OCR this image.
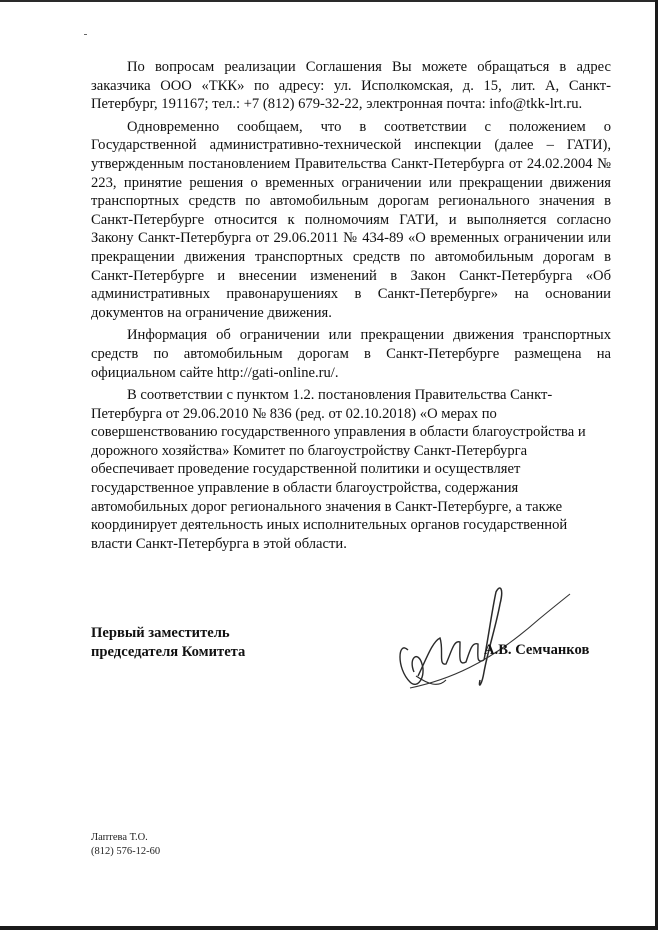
По вопросам реализации Соглашения Вы можете обращаться в адрес заказчика ООО «ТКК» по адресу: ул. Исполкомская, д. 15, лит. А, Санкт-Петербург, 191167; тел.: +7 (812) 679-32-22, электронная почта: info@tkk-lrt.ru.

Одновременно сообщаем, что в соответствии с положением о Государственной административно-технической инспекции (далее – ГАТИ), утвержденным постановлением Правительства Санкт-Петербурга от 24.02.2004 № 223, принятие решения о временных ограничении или прекращении движения транспортных средств по автомобильным дорогам регионального значения в Санкт-Петербурге относится к полномочиям ГАТИ, и выполняется согласно Закону Санкт-Петербурга от 29.06.2011 № 434-89 «О временных ограничении или прекращении движения транспортных средств по автомобильным дорогам в Санкт-Петербурге и внесении изменений в Закон Санкт-Петербурга «Об административных правонарушениях в Санкт-Петербурге» на основании документов на ограничение движения.

Информация об ограничении или прекращении движения транспортных средств по автомобильным дорогам в Санкт-Петербурге размещена на официальном сайте http://gati-online.ru/.

В соответствии с пунктом 1.2. постановления Правительства Санкт-Петербурга от 29.06.2010 № 836 (ред. от 02.10.2018) «О мерах по совершенствованию государственного управления в области благоустройства и дорожного хозяйства» Комитет по благоустройству Санкт-Петербурга обеспечивает проведение государственной политики и осуществляет государственное управление в области благоустройства, содержания автомобильных дорог регионального значения в Санкт-Петербурге, а также координирует деятельность иных исполнительных органов государственной власти Санкт-Петербурга в этой области.

Первый заместитель
председателя Комитета	А.В. Семчанков
Лаптева Т.О.
(812) 576-12-60
